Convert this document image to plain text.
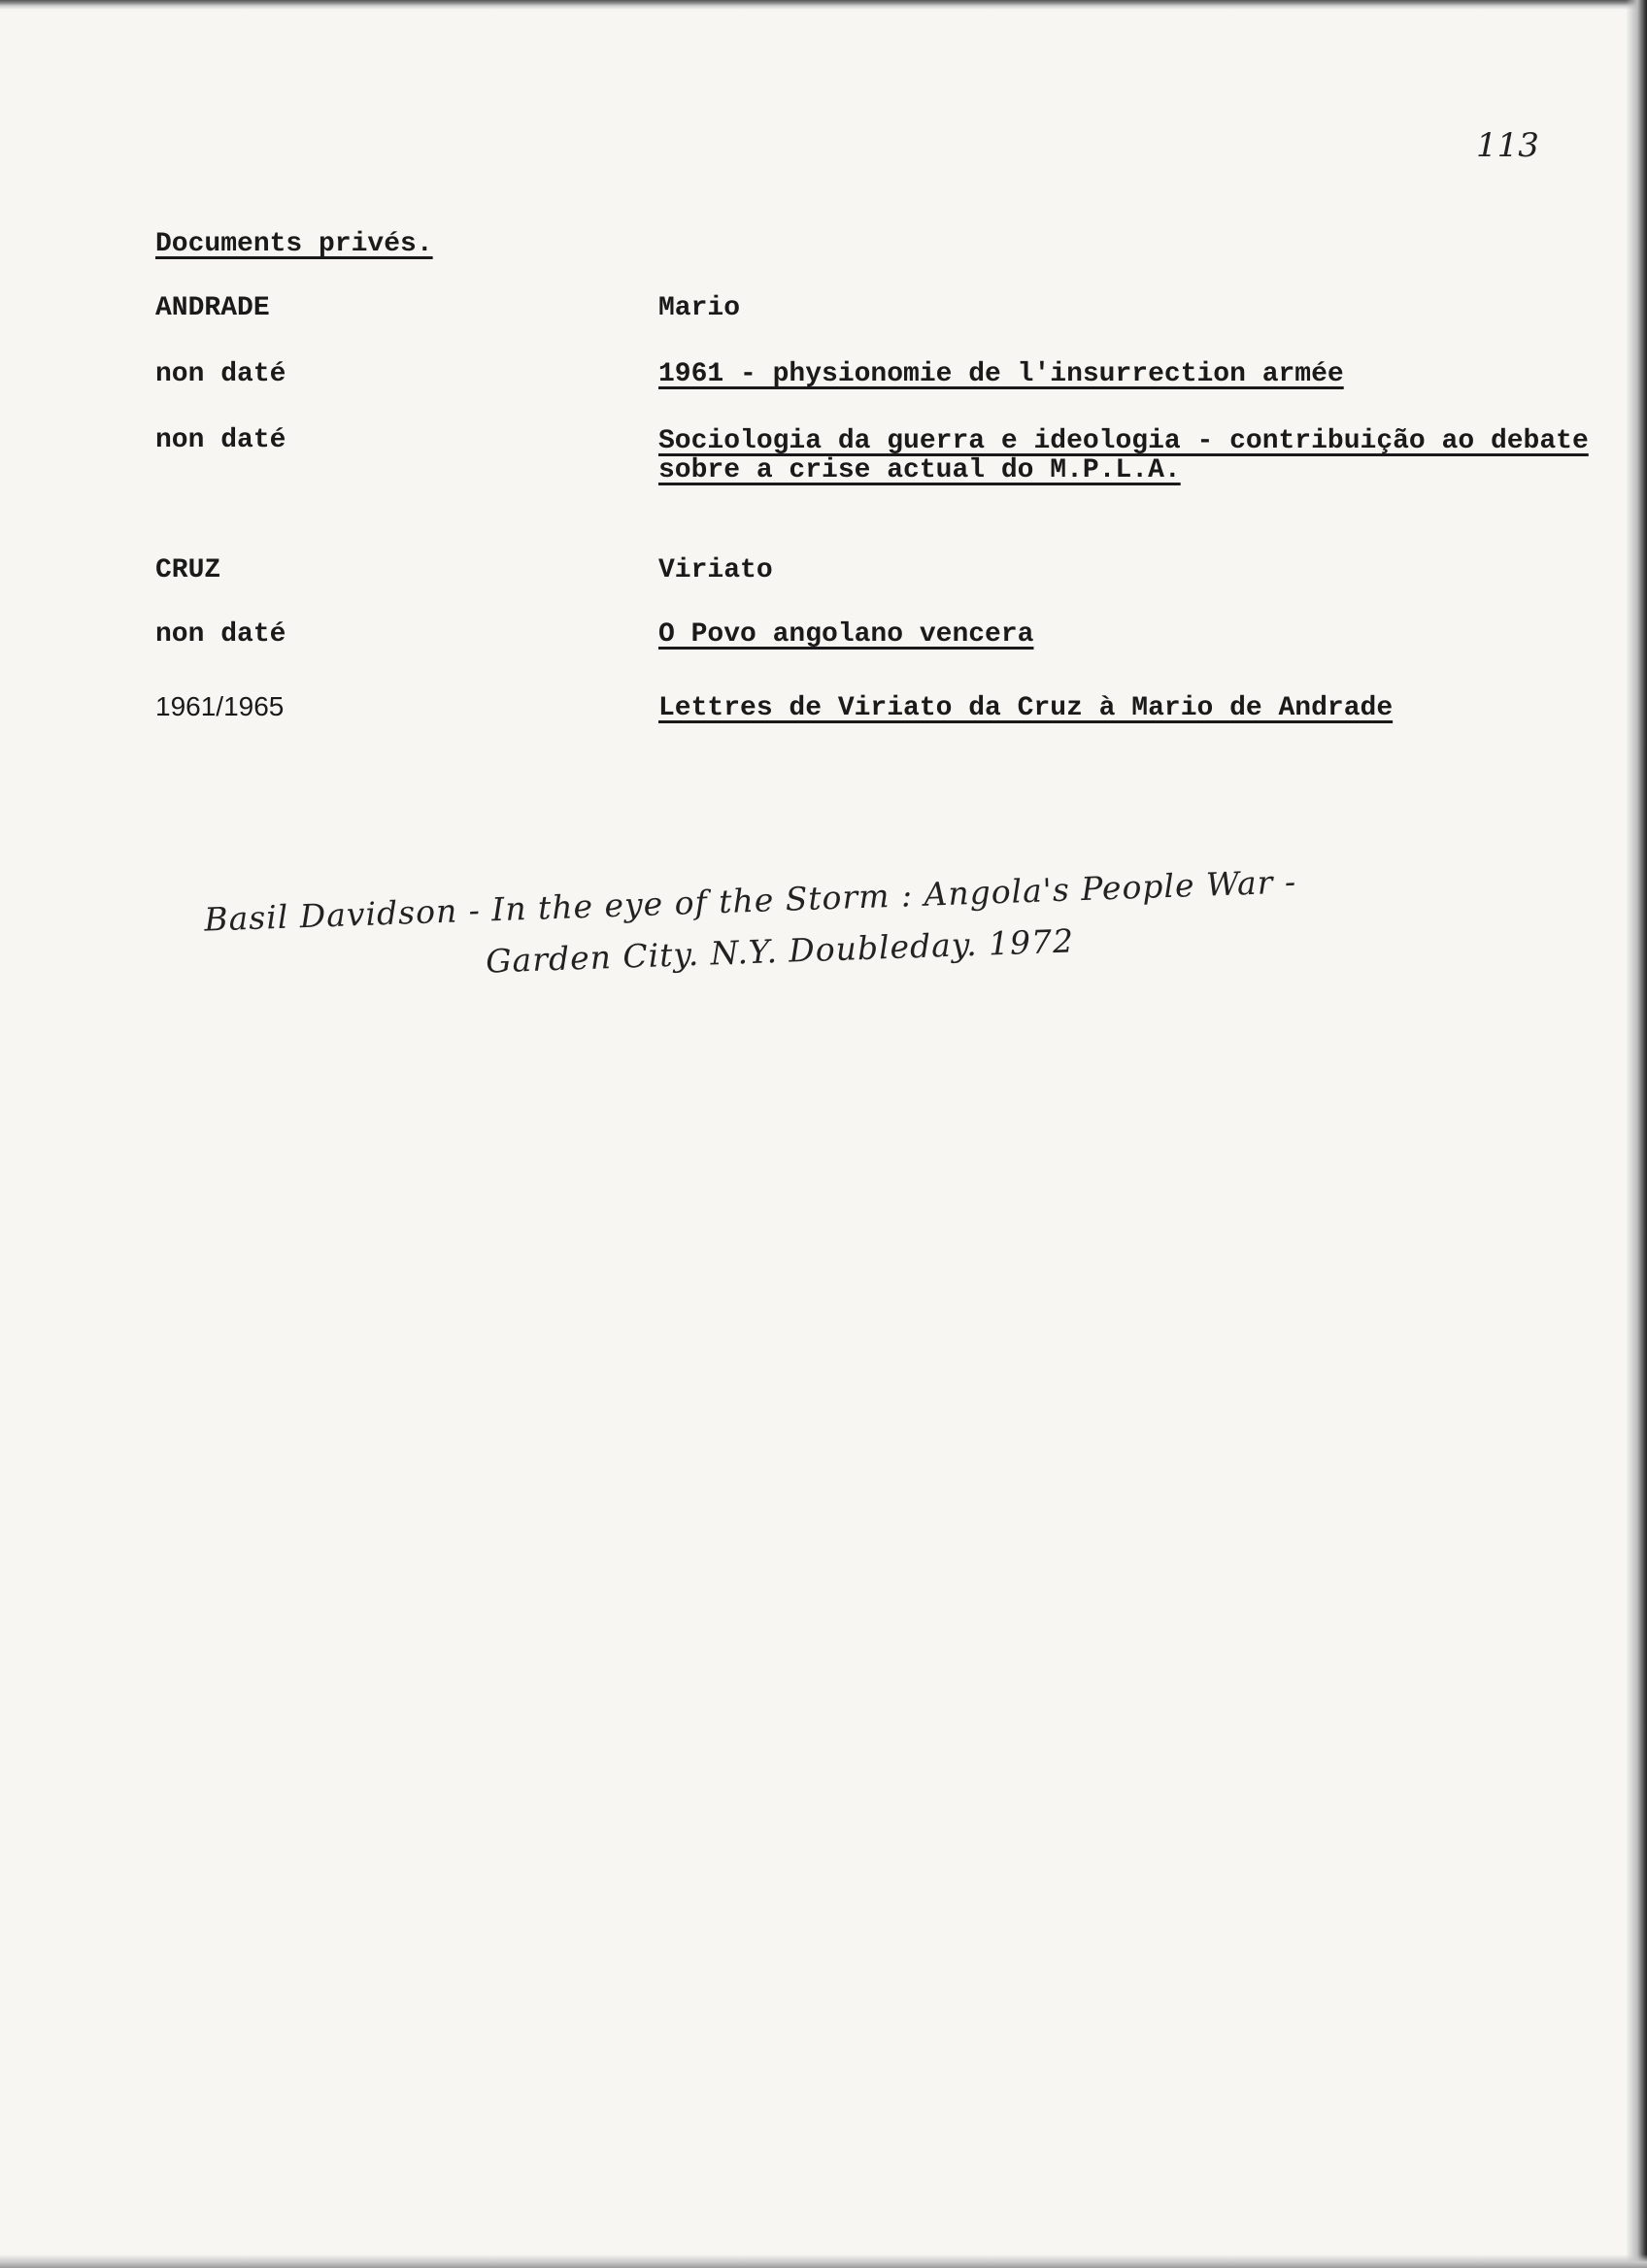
113
Documents privés.
ANDRADE	Mario
non daté	1961 - physionomie de l'insurrection armée
non daté	Sociologia da guerra e ideologia - contribuição ao debate sobre a crise actual do M.P.L.A.
CRUZ	Viriato
non daté	O Povo angolano vencera
1961/1965	Lettres de Viriato da Cruz à Mario de Andrade
Basil Davidson - In the eye of the Storm : Angola's People War -
Garden City. N.Y. Doubleday. 1972
